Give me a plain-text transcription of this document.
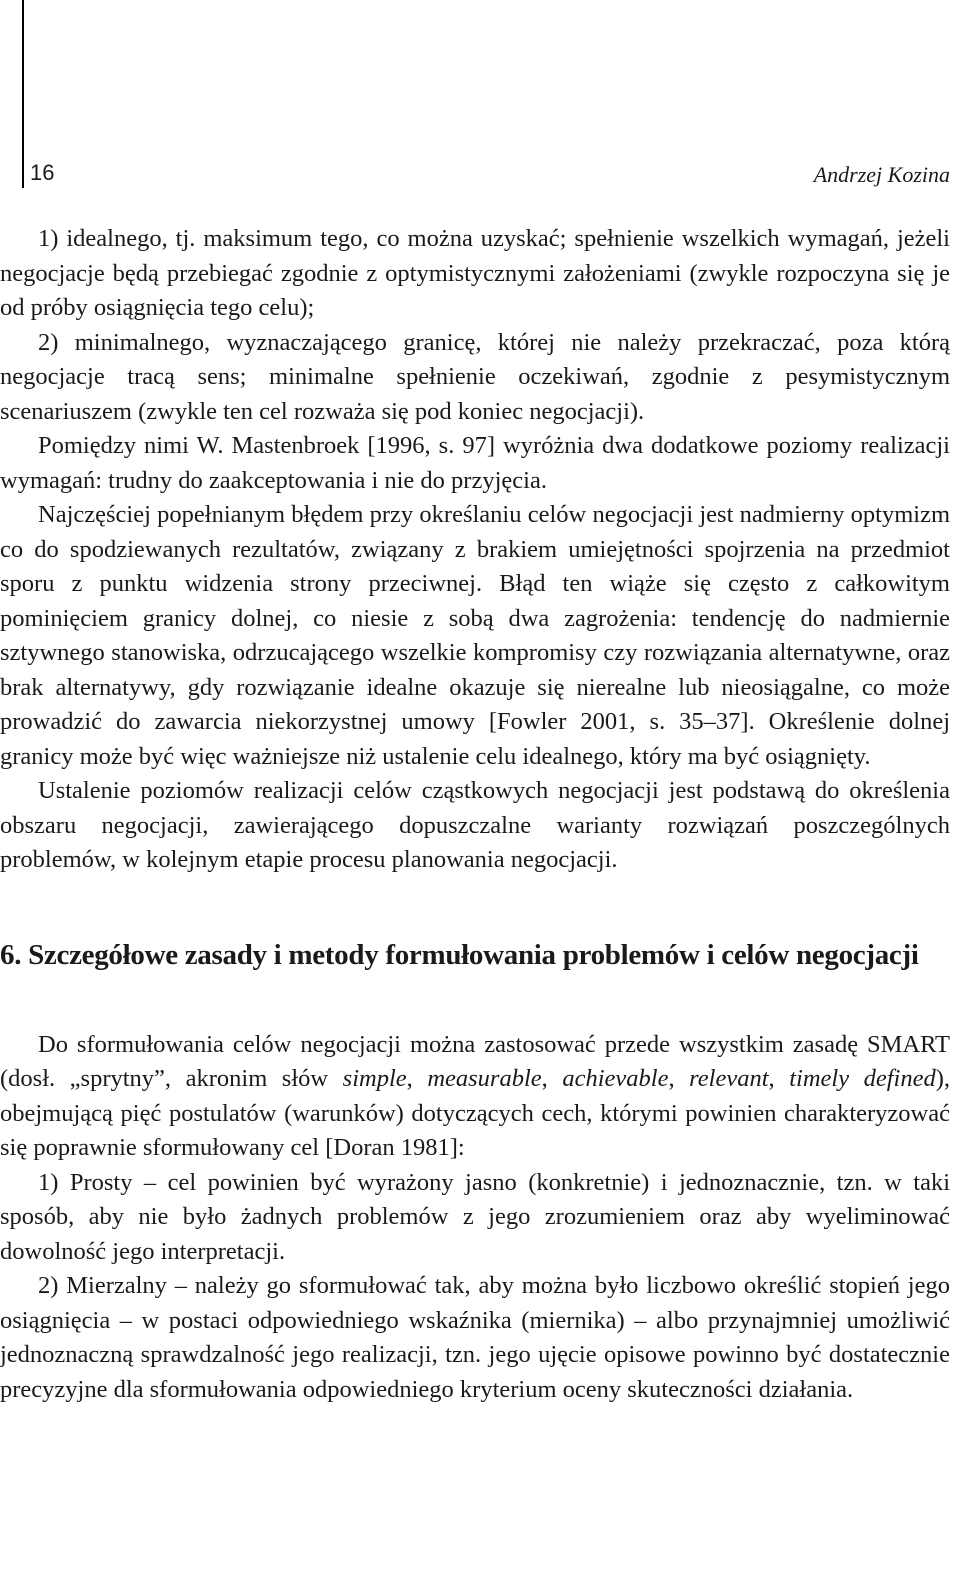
16	Andrzej Kozina

1) idealnego, tj. maksimum tego, co można uzyskać; spełnienie wszelkich wymagań, jeżeli negocjacje będą przebiegać zgodnie z optymistycznymi założeniami (zwykle rozpoczyna się je od próby osiągnięcia tego celu);

2) minimalnego, wyznaczającego granicę, której nie należy przekraczać, poza którą negocjacje tracą sens; minimalne spełnienie oczekiwań, zgodnie z pesymistycznym scenariuszem (zwykle ten cel rozważa się pod koniec negocjacji).

Pomiędzy nimi W. Mastenbroek [1996, s. 97] wyróżnia dwa dodatkowe poziomy realizacji wymagań: trudny do zaakceptowania i nie do przyjęcia.

Najczęściej popełnianym błędem przy określaniu celów negocjacji jest nadmierny optymizm co do spodziewanych rezultatów, związany z brakiem umiejętności spojrzenia na przedmiot sporu z punktu widzenia strony przeciwnej. Błąd ten wiąże się często z całkowitym pominięciem granicy dolnej, co niesie z sobą dwa zagrożenia: tendencję do nadmiernie sztywnego stanowiska, odrzucającego wszelkie kompromisy czy rozwiązania alternatywne, oraz brak alternatywy, gdy rozwiązanie idealne okazuje się nierealne lub nieosiągalne, co może prowadzić do zawarcia niekorzystnej umowy [Fowler 2001, s. 35–37]. Określenie dolnej granicy może być więc ważniejsze niż ustalenie celu idealnego, który ma być osiągnięty.

Ustalenie poziomów realizacji celów cząstkowych negocjacji jest podstawą do określenia obszaru negocjacji, zawierającego dopuszczalne warianty rozwiązań poszczególnych problemów, w kolejnym etapie procesu planowania negocjacji.

6. Szczegółowe zasady i metody formułowania problemów i celów negocjacji

Do sformułowania celów negocjacji można zastosować przede wszystkim zasadę SMART (dosł. „sprytny”, akronim słów simple, measurable, achievable, relevant, timely defined), obejmującą pięć postulatów (warunków) dotyczących cech, którymi powinien charakteryzować się poprawnie sformułowany cel [Doran 1981]:

1) Prosty – cel powinien być wyrażony jasno (konkretnie) i jednoznacznie, tzn. w taki sposób, aby nie było żadnych problemów z jego zrozumieniem oraz aby wyeliminować dowolność jego interpretacji.

2) Mierzalny – należy go sformułować tak, aby można było liczbowo określić stopień jego osiągnięcia – w postaci odpowiedniego wskaźnika (miernika) – albo przynajmniej umożliwić jednoznaczną sprawdzalność jego realizacji, tzn. jego ujęcie opisowe powinno być dostatecznie precyzyjne dla sformułowania odpowiedniego kryterium oceny skuteczności działania.
